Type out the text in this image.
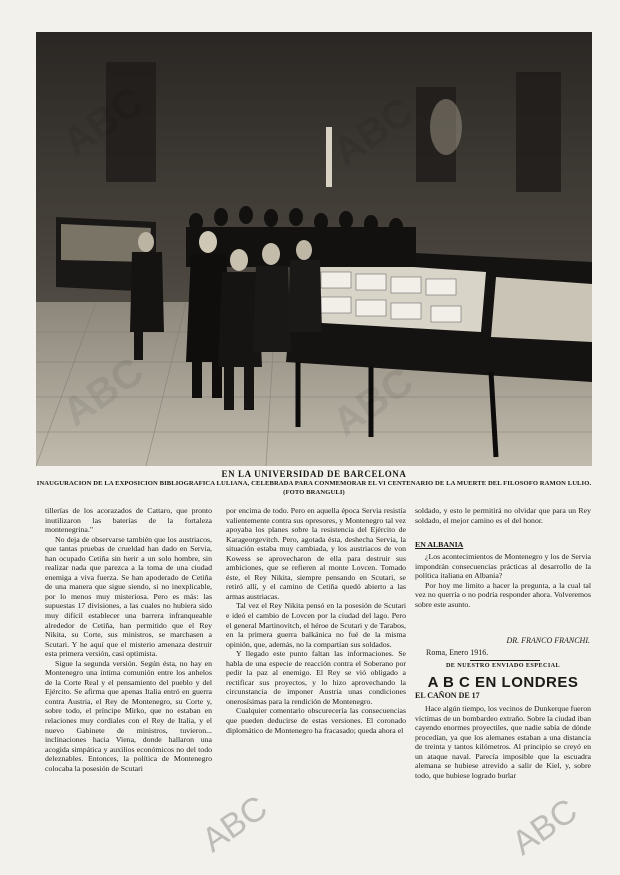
EN LA UNIVERSIDAD DE BARCELONA
INAUGURACION DE LA EXPOSICION BIBLIOGRAFICA LULIANA, CELEBRADA PARA CONMEMORAR EL VI CENTENARIO DE LA MUERTE DEL FILOSOFO RAMON LULIO. (FOTO BRANGULI)

tillerías de los acorazados de Cattaro, que pronto inutilizaron las baterías de la fortaleza montenegrina."

No deja de observarse también que los austriacos, que tantas pruebas de crueldad han dado en Servia, han ocupado Cetiña sin herir a un solo hombre, sin realizar nada que parezca a la toma de una ciudad enemiga a viva fuerza. Se han apoderado de Cetiña de una manera que sigue siendo, si no inexplicable, por lo menos muy misteriosa. Pero es más: las supuestas 17 divisiones, a las cuales no hubiera sido muy difícil establecer una barrera infranqueable alrededor de Cetiña, han permitido que el Rey Nikita, su Corte, sus ministros, se marchasen a Scutari. Y he aquí que el misterio amenaza destruir esta primera versión, casi optimista.

Sigue la segunda versión. Según ésta, no hay en Montenegro una íntima comunión entre los anhelos de la Corte Real y el pensamiento del pueblo y del Ejército. Se afirma que apenas Italia entró en guerra contra Austria, el Rey de Montenegro, su Corte y, sobre todo, el príncipe Mirko, que no estaban en relaciones muy cordiales con el Rey de Italia, y el nuevo Gabinete de ministros, tuvieron... inclinaciones hacia Viena, donde hallaron una acogida simpática y auxilios económicos no del todo deleznables. Entonces, la política de Montenegro colocaba la posesión de Scutari

por encima de todo. Pero en aquella época Servia resistía valientemente contra sus opresores, y Montenegro tal vez apoyaba los planes sobre la resistencia del Ejército de Karageorgevitch. Pero, agotada ésta, deshecha Servia, la situación estaba muy cambiada, y los austriacos de von Kowess se aprovecharon de ella para destruir sus ambiciones, que se refieren al monte Lovcen. Tomado éste, el Rey Nikita, siempre pensando en Scutari, se retiró allí, y el camino de Cetiña quedó abierto a las armas austriacas.

Tal vez el Rey Nikita pensó en la posesión de Scutari e ideó el cambio de Lovcen por la ciudad del lago. Pero el general Martinovitch, el héroe de Scutari y de Tarabos, en la primera guerra balkánica no fué de la misma opinión, que, además, no la compartían sus soldados.

Y llegado este punto faltan las informaciones. Se habla de una especie de reacción contra el Soberano por pedir la paz al enemigo. El Rey se vió obligado a rectificar sus proyectos, y lo hizo aprovechando la circunstancia de imponer Austria unas condiciones onerosísimas para la rendición de Montenegro.

Cualquier comentario obscurecería las consecuencias que pueden deducirse de estas versiones. El coronado diplomático de Montenegro ha fracasado; queda ahora el

soldado, y esto le permitirá no olvidar que para un Rey soldado, el mejor camino es el del honor.

EN ALBANIA

¿Los acontecimientos de Montenegro y los de Servia impondrán consecuencias prácticas al desarrollo de la política italiana en Albania?

Por hoy me limito a hacer la pregunta, a la cual tal vez no querría o no podría responder ahora. Volveremos sobre este asunto.

DR. FRANCO FRANCHI.
Roma, Enero 1916.
DE NUESTRO ENVIADO ESPECIAL
A B C EN LONDRES
EL CAÑON DE 17

Hace algún tiempo, los vecinos de Dunkerque fueron víctimas de un bombardeo extraño. Sobre la ciudad iban cayendo enormes proyectiles, que nadie sabía de dónde procedían, ya que los alemanes estaban a una distancia de treinta y tantos kilómetros. Al principio se creyó en un ataque naval. Parecía imposible que la escuadra alemana se hubiese atrevido a salir de Kiel, y, sobre todo, que hubiese logrado burlar

ABC	ABC
